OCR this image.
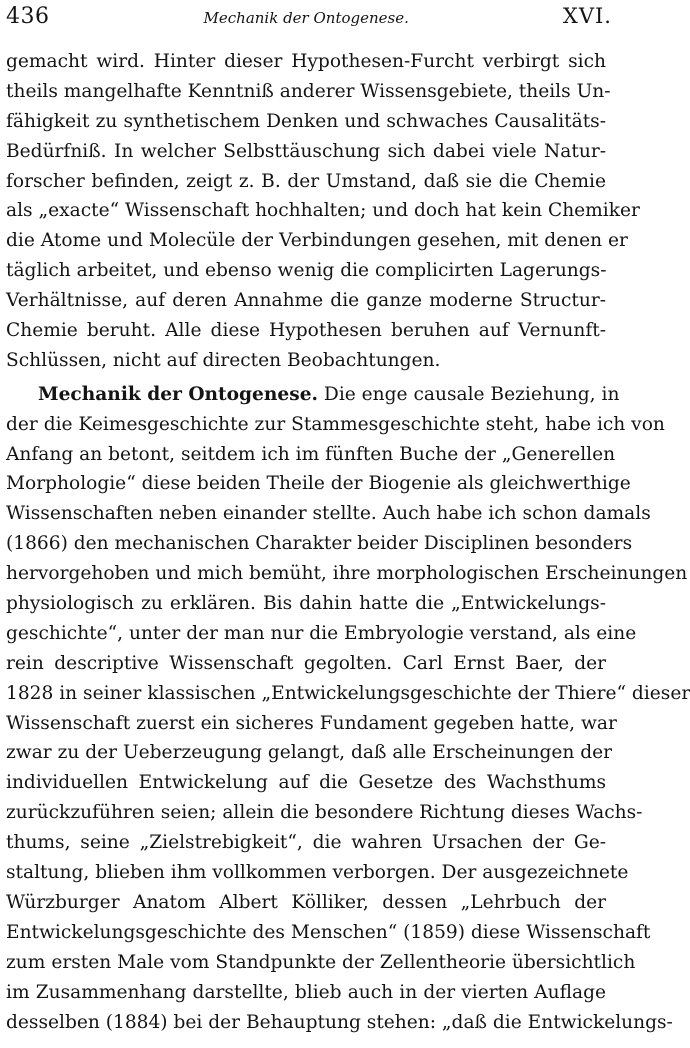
436	Mechanik der Ontogenese.	XVI.
gemacht wird. Hinter dieser Hypothesen-Furcht verbirgt sich
theils mangelhafte Kenntniß anderer Wissensgebiete, theils Un-
fähigkeit zu synthetischem Denken und schwaches Causalitäts-
Bedürfniß. In welcher Selbsttäuschung sich dabei viele Natur-
forscher befinden, zeigt z. B. der Umstand, daß sie die Chemie
als „exacte“ Wissenschaft hochhalten; und doch hat kein Chemiker
die Atome und Molecüle der Verbindungen gesehen, mit denen er
täglich arbeitet, und ebenso wenig die complicirten Lagerungs-
Verhältnisse, auf deren Annahme die ganze moderne Structur-
Chemie beruht. Alle diese Hypothesen beruhen auf Vernunft-
Schlüssen, nicht auf directen Beobachtungen.
Mechanik der Ontogenese. Die enge causale Beziehung, in
der die Keimesgeschichte zur Stammesgeschichte steht, habe ich von
Anfang an betont, seitdem ich im fünften Buche der „Generellen
Morphologie“ diese beiden Theile der Biogenie als gleichwerthige
Wissenschaften neben einander stellte. Auch habe ich schon damals
(1866) den mechanischen Charakter beider Disciplinen besonders
hervorgehoben und mich bemüht, ihre morphologischen Erscheinungen
physiologisch zu erklären. Bis dahin hatte die „Entwickelungs-
geschichte“, unter der man nur die Embryologie verstand, als eine
rein descriptive Wissenschaft gegolten. Carl Ernst Baer, der
1828 in seiner klassischen „Entwickelungsgeschichte der Thiere“ dieser
Wissenschaft zuerst ein sicheres Fundament gegeben hatte, war
zwar zu der Ueberzeugung gelangt, daß alle Erscheinungen der
individuellen Entwickelung auf die Gesetze des Wachsthums
zurückzuführen seien; allein die besondere Richtung dieses Wachs-
thums, seine „Zielstrebigkeit“, die wahren Ursachen der Ge-
staltung, blieben ihm vollkommen verborgen. Der ausgezeichnete
Würzburger Anatom Albert Kölliker, dessen „Lehrbuch der
Entwickelungsgeschichte des Menschen“ (1859) diese Wissenschaft
zum ersten Male vom Standpunkte der Zellentheorie übersichtlich
im Zusammenhang darstellte, blieb auch in der vierten Auflage
desselben (1884) bei der Behauptung stehen: „daß die Entwickelungs-
